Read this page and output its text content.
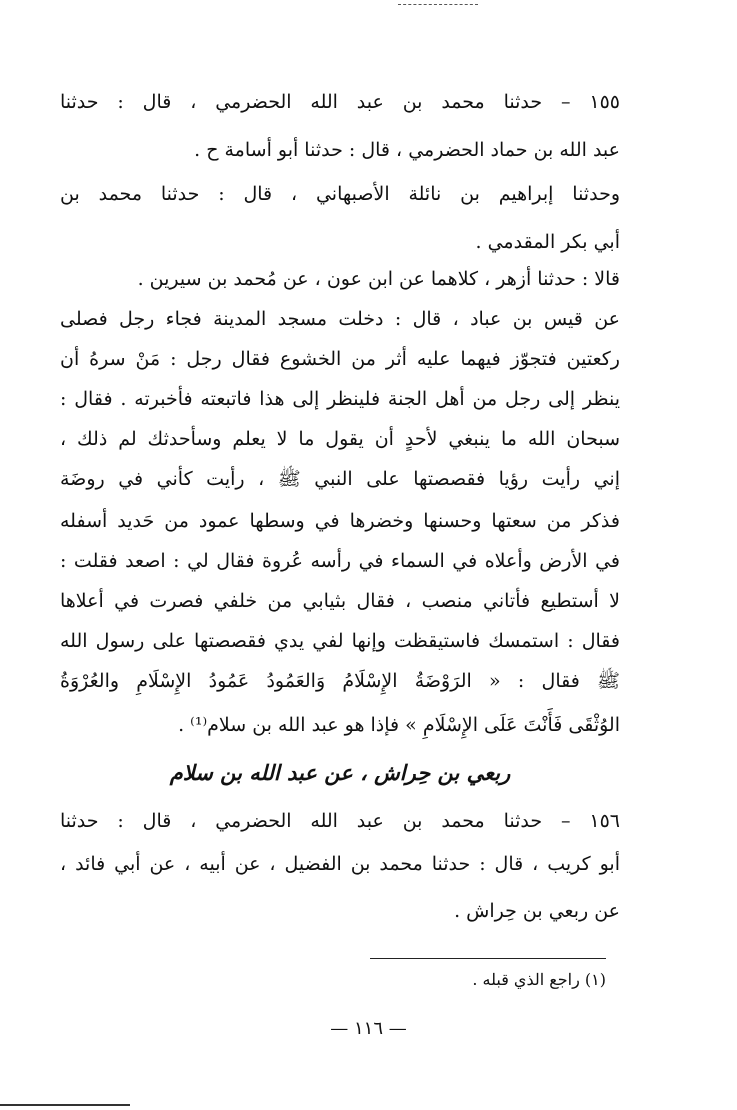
١٥٥ – حدثنا محمد بن عبد الله الحضرمي ، قال : حدثنا
عبد الله بن حماد الحضرمي ، قال : حدثنا أبو أسامة ح .
وحدثنا إبراهيم بن نائلة الأصبهاني ، قال : حدثنا محمد بن
أبي بكر المقدمي .
قالا : حدثنا أزهر ، كلاهما عن ابن عون ، عن مُحمد بن سيرين .
عن قيس بن عباد ، قال : دخلت مسجد المدينة فجاء رجل فصلى
ركعتين فتجوّز فيهما عليه أثر من الخشوع فقال رجل : مَنْ سرهُ أن
ينظر إلى رجل من أهل الجنة فلينظر إلى هذا فاتبعته فأخبرته . فقال :
سبحان الله ما ينبغي لأحدٍ أن يقول ما لا يعلم وسأحدثك لم ذلك ،
إني رأيت رؤيا فقصصتها على النبي ﷺ ، رأيت كأني في روضَة
فذكر من سعتها وحسنها وخضرها في وسطها عمود من حَديد أسفله
في الأرض وأعلاه في السماء في رأسه عُروة فقال لي : اصعد فقلت :
لا أستطيع فأتاني منصب ، فقال بثيابي من خلفي فصرت في أعلاها
فقال : استمسك فاستيقظت وإنها لفي يدي فقصصتها على رسول الله
ﷺ فقال : « الرَوْضَةُ الإِسْلَامُ وَالعَمُودُ عَمُودُ الإِسْلَامِ والعُرْوَةُ
الوُثْقَى فَأَنْتَ عَلَى الإِسْلَامِ » فإذا هو عبد الله بن سلام⁽¹⁾ .
ربعي بن حِراش ، عن عبد الله بن سلام
١٥٦ – حدثنا محمد بن عبد الله الحضرمي ، قال : حدثنا
أبو كريب ، قال : حدثنا محمد بن الفضيل ، عن أبيه ، عن أبي فائد ،
عن ربعي بن حِراش .
(١) راجع الذي قبله .
— ١١٦ —
